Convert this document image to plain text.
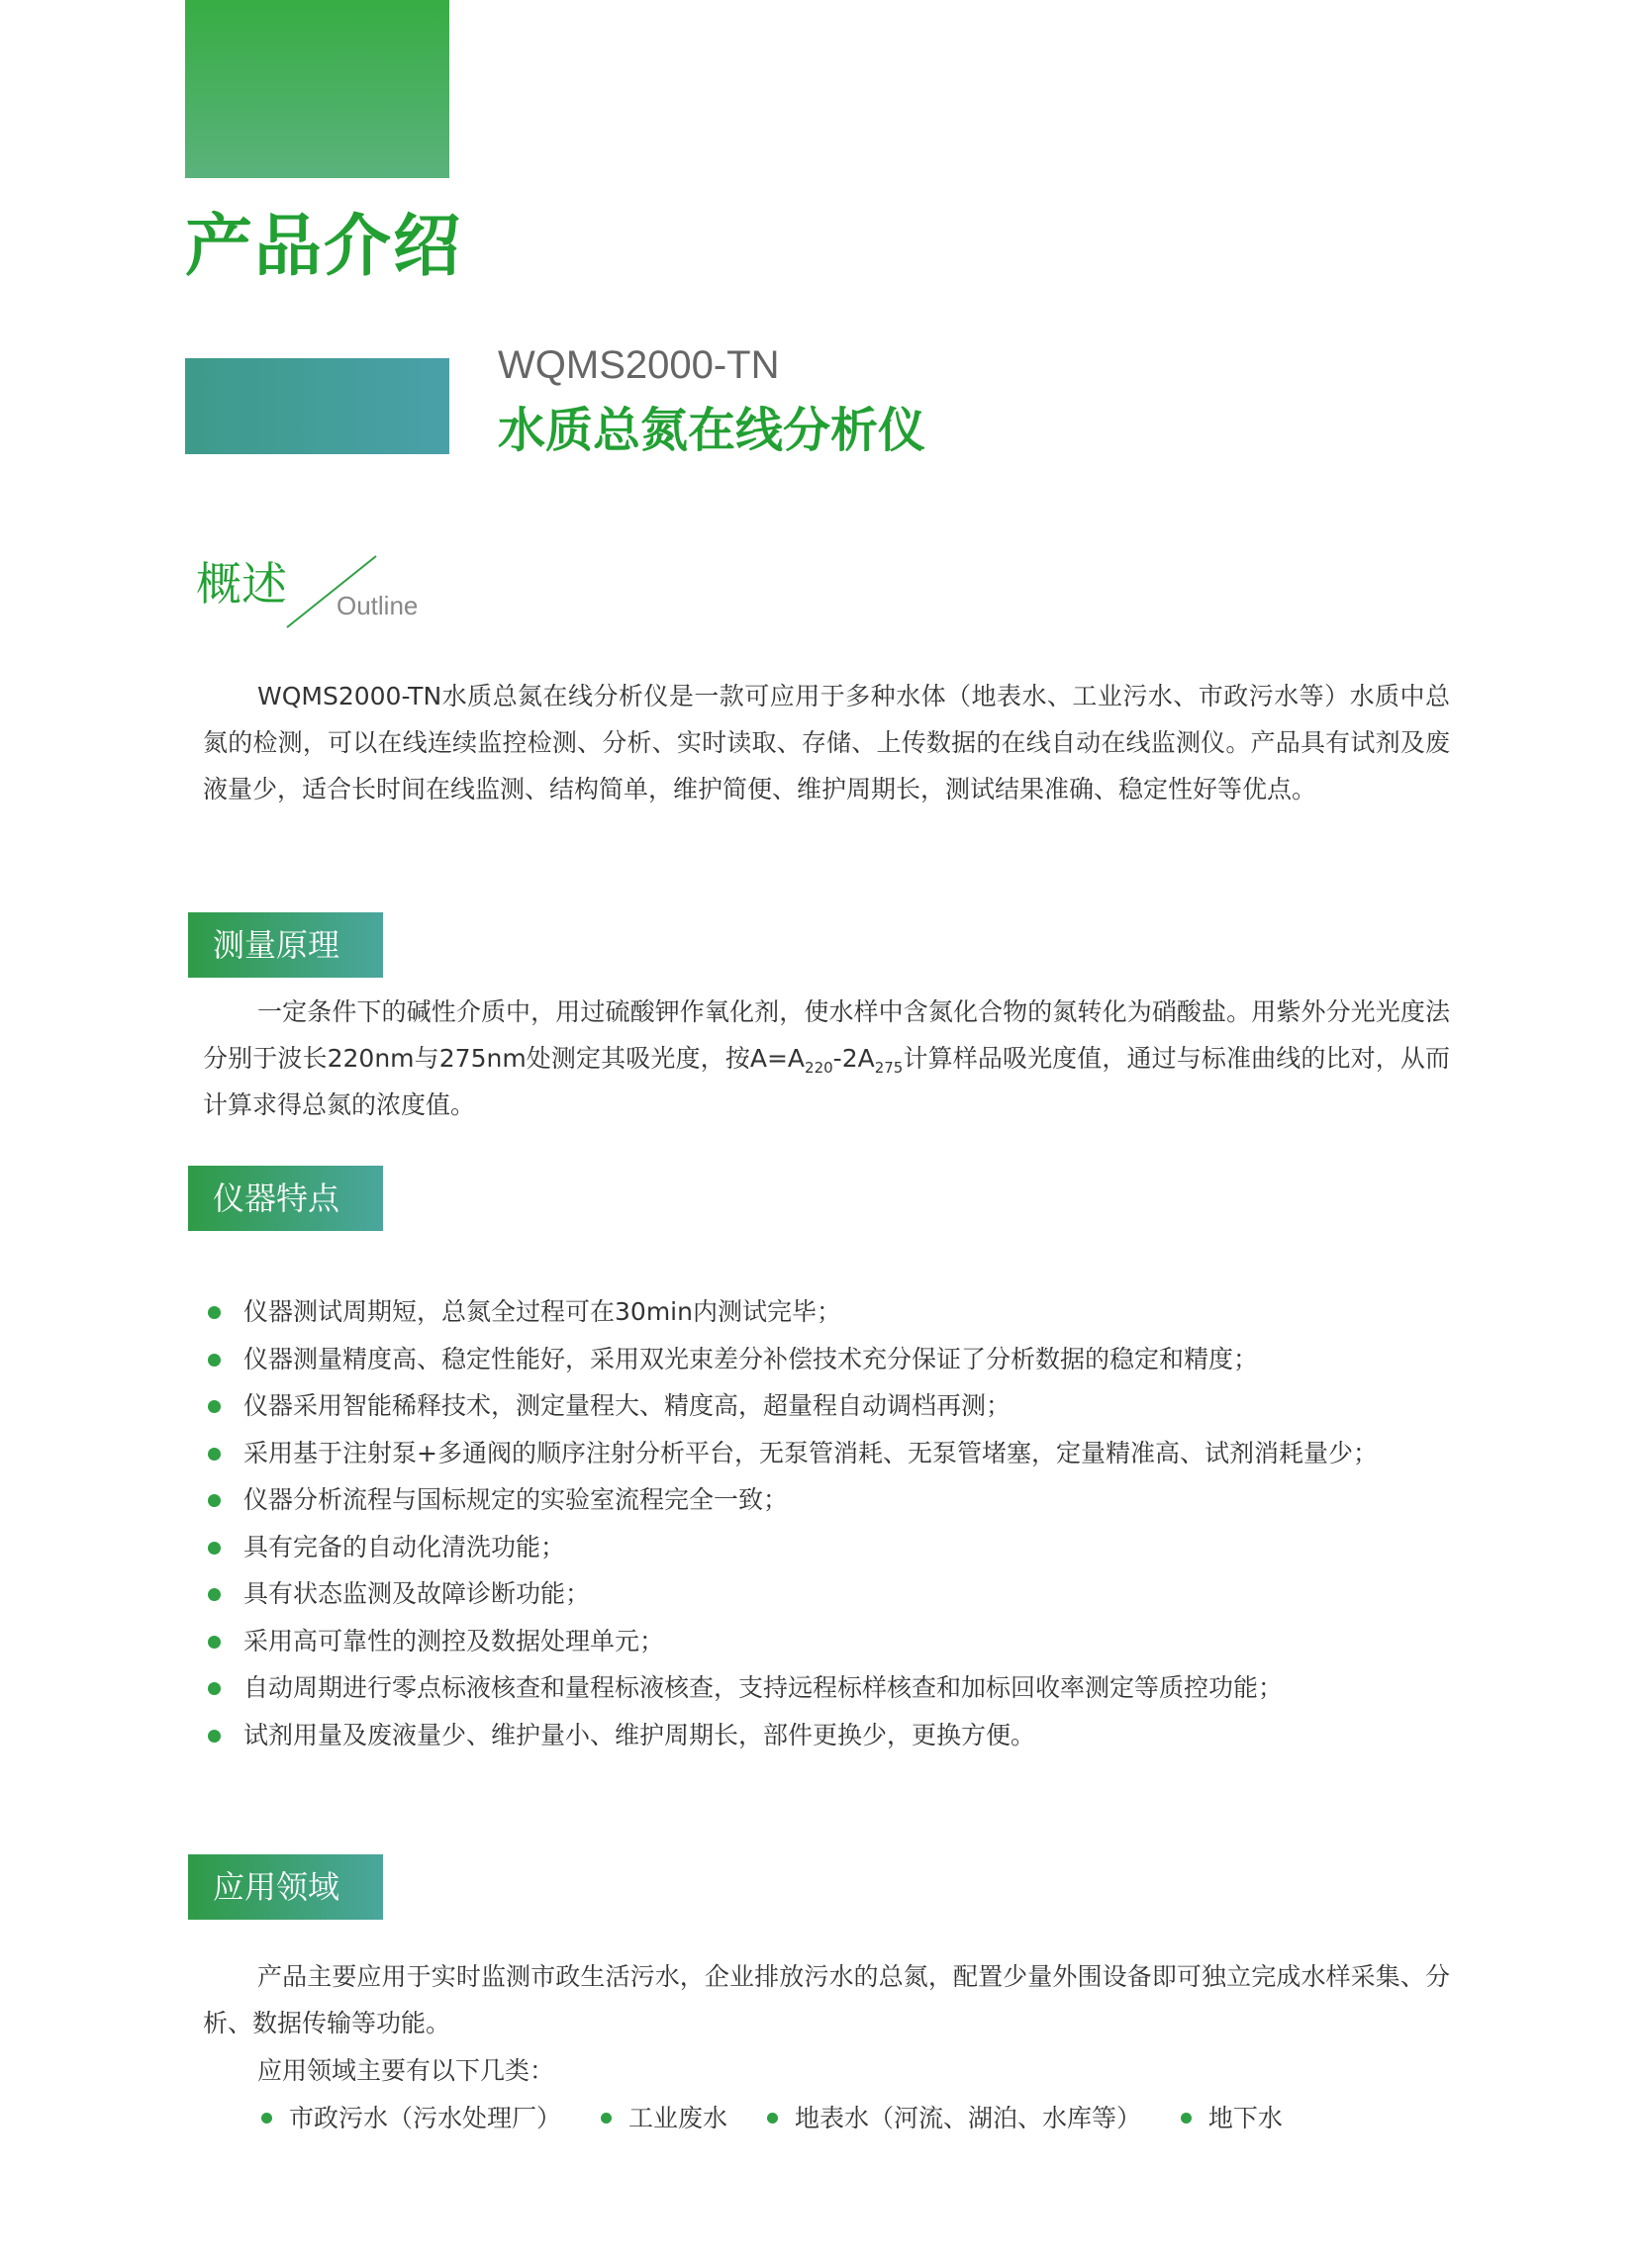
产品介绍
WQMS2000-TN
水质总氮在线分析仪
概述 Outline

WQMS2000-TN水质总氮在线分析仪是一款可应用于多种水体（地表水、工业污水、市政污水等）水质中总氮的检测，可以在线连续监控检测、分析、实时读取、存储、上传数据的在线自动在线监测仪。产品具有试剂及废液量少，适合长时间在线监测、结构简单，维护简便、维护周期长，测试结果准确、稳定性好等优点。

测量原理

一定条件下的碱性介质中，用过硫酸钾作氧化剂，使水样中含氮化合物的氮转化为硝酸盐。用紫外分光光度法分别于波长220nm与275nm处测定其吸光度，按$A=A_{220}-2A_{275}$计算样品吸光度值，通过与标准曲线的比对，从而计算求得总氮的浓度值。

仪器特点
仪器测试周期短，总氮全过程可在30min内测试完毕；
仪器测量精度高、稳定性能好，采用双光束差分补偿技术充分保证了分析数据的稳定和精度；
仪器采用智能稀释技术，测定量程大、精度高，超量程自动调档再测；
采用基于注射泵+多通阀的顺序注射分析平台，无泵管消耗、无泵管堵塞，定量精准高、试剂消耗量少；
仪器分析流程与国标规定的实验室流程完全一致；
具有完备的自动化清洗功能；
具有状态监测及故障诊断功能；
采用高可靠性的测控及数据处理单元；
自动周期进行零点标液核查和量程标液核查，支持远程标样核查和加标回收率测定等质控功能；
试剂用量及废液量少、维护量小、维护周期长，部件更换少，更换方便。
应用领域

产品主要应用于实时监测市政生活污水，企业排放污水的总氮，配置少量外围设备即可独立完成水样采集、分析、数据传输等功能。

应用领域主要有以下几类：
市政污水（污水处理厂）	工业废水	地表水（河流、湖泊、水库等）	地下水
